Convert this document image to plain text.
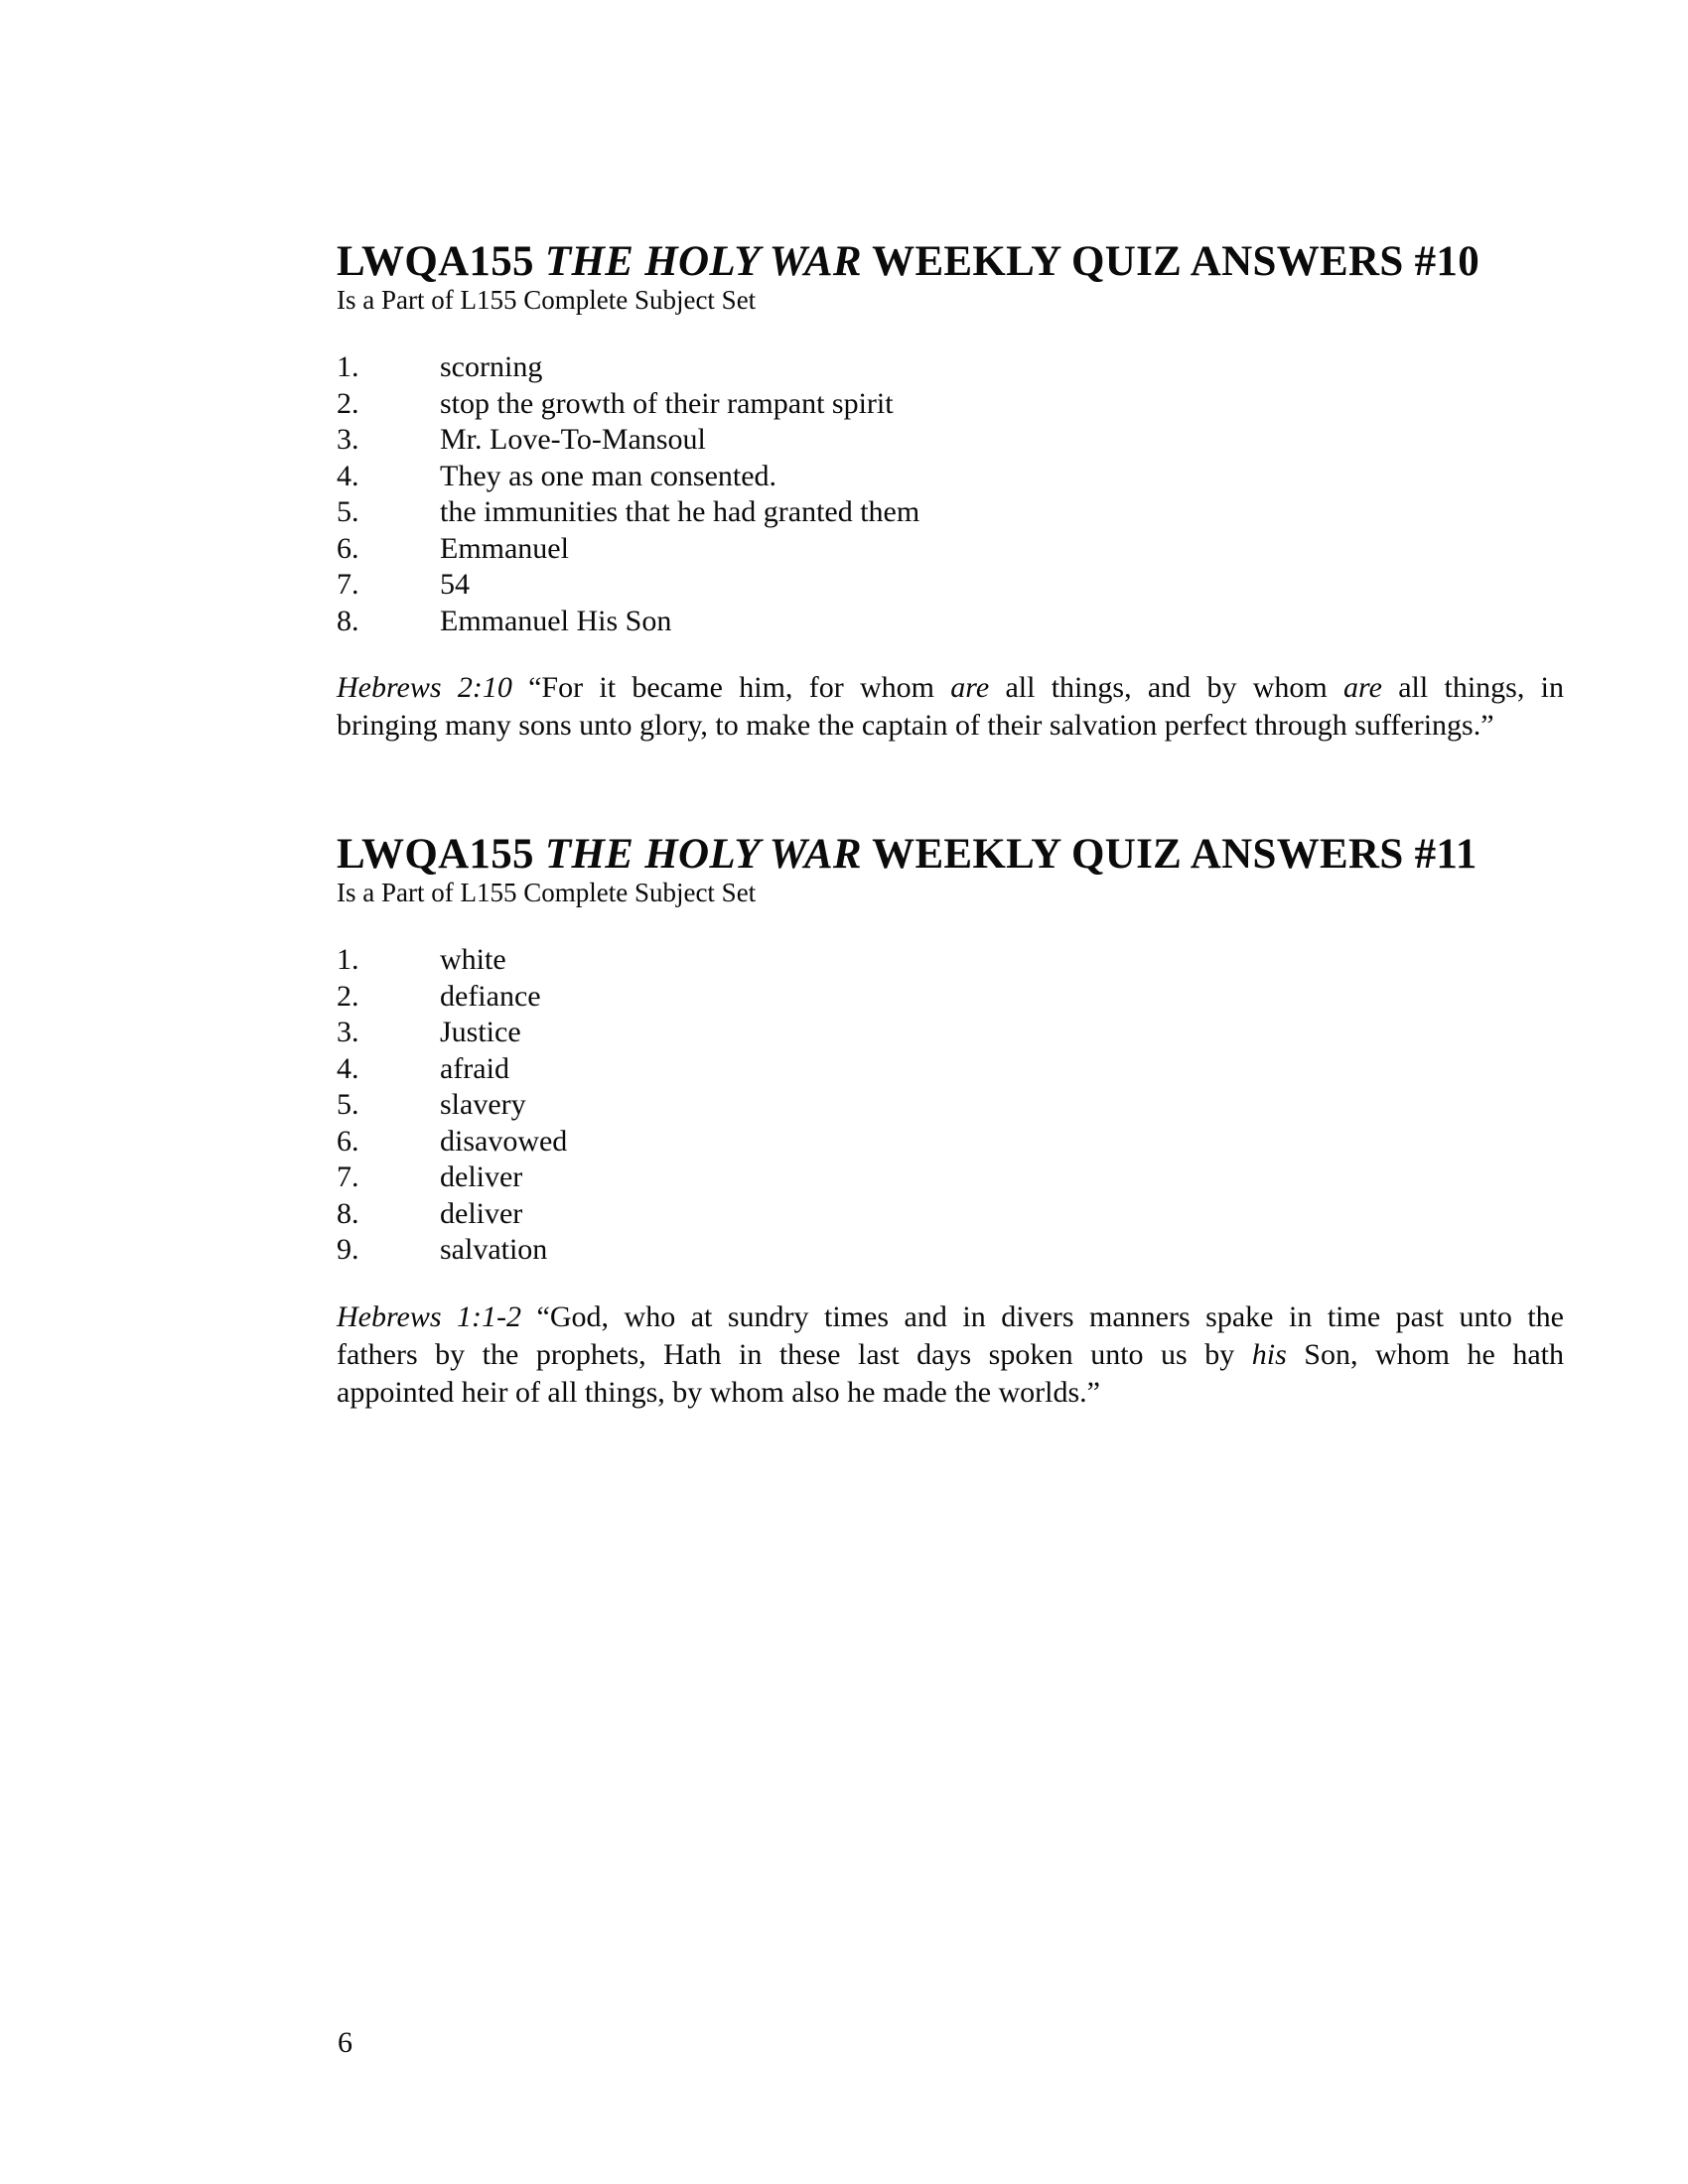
LWQA155 THE HOLY WAR WEEKLY QUIZ ANSWERS #10
Is a Part of L155 Complete Subject Set
1.	scorning
2.	stop the growth of their rampant spirit
3.	Mr. Love-To-Mansoul
4.	They as one man consented.
5.	the immunities that he had granted them
6.	Emmanuel
7.	54
8.	Emmanuel His Son
Hebrews 2:10 “For it became him, for whom are all things, and by whom are all things, in
bringing many sons unto glory, to make the captain of their salvation perfect through sufferings.”
LWQA155 THE HOLY WAR WEEKLY QUIZ ANSWERS #11
Is a Part of L155 Complete Subject Set
1.	white
2.	defiance
3.	Justice
4.	afraid
5.	slavery
6.	disavowed
7.	deliver
8.	deliver
9.	salvation
Hebrews 1:1-2 “God, who at sundry times and in divers manners spake in time past unto the
fathers by the prophets, Hath in these last days spoken unto us by his Son, whom he hath
appointed heir of all things, by whom also he made the worlds.”
6
